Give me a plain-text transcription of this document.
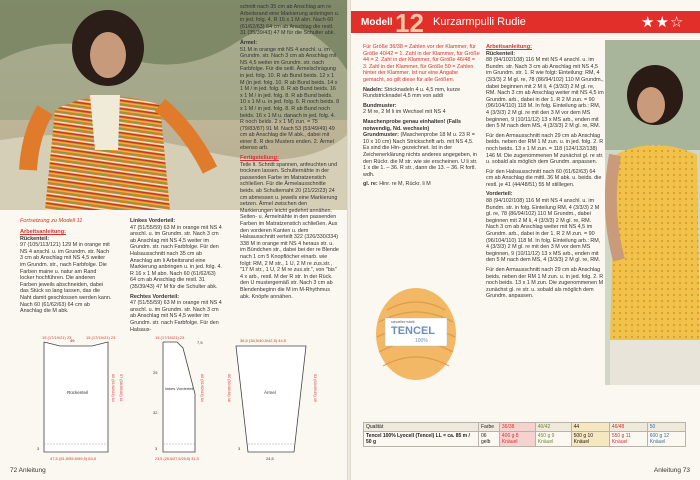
Fortsetzung zu Modell 11
Arbeitsanleitung:
Rückenteil:

97 (105/113/121) 129 M in orange mit NS 4 anschl. u. im Grundm. str. Nach 3 cm ab Anschlag mit NS 4,5 weiter im Grundm. str., nach Farbfolge. Die Farben maine u. natur am Rand locker hochführen. Die anderen Farben jeweils abschneiden, dabei das Stück so lang lassen, das die Naht damit geschlossen werden kann. Nach 60 (61/62/63) 64 cm ab Anschlag die M abk.

Linkes Vorderteil:

47 (51/55/59) 63 M in orange mit NS 4 anschl. u. im Grundm. str. Nach 3 cm ab Anschlag mit NS 4,5 weiter im Grundm. str. nach Farbfolge. Für den Halsausschnitt nach 35 cm ab Anschlag am li Arbeitsrand eine Markierung anbringen u. in jed. folg. 4. R 16 x 1 M abn. Nach 60 (61/62/63) 64 cm ab Anschlag die restl. 31 (35/39/43) 47 M für die Schulter abk.

Rechtes Vorderteil:

47 (51/55/59) 63 M in orange mit NS 4 anschl. u. im Grundm. str. Nach 3 cm ab Anschlag mit NS 4,5 weiter im Grundm. str. nach Farbfolge. Für den Halsaus-

schnitt nach 35 cm ab Anschlag am re Arbeitsrand eine Markierung anbringen u. in jed. folg. 4. R 16 x 1 M abn. Nach 60 (61/62/63) 64 cm ab Anschlag die restl. 31 (35/39/43) 47 M für die Schulter abk.

Ärmel:

51 M in orange mit NS 4 anschl. u. im Grundm. str. Nach 3 cm ab Anschlag mit NS 4,5 weiter im Grundm. str. nach Farbfolge. Für die seitl. Ärmelschrägung in jed. folg. 10. R ab Bund beids. 12 x 1 M (in jed. folg. 10. R ab Bund beids. 14 x 1 M / in jed. folg. 8. R ab Bund beids. 16 x 1 M / in jed. folg. 8. R ab Bund beids. 10 x 1 M u. in jed. folg. 6. R noch beids. 8 x 1 M / in jed. folg. 8. R ab Bund noch beids. 16 x 1 M u. danach in jed. folg. 4. R noch beids. 2 x 1 M) zun. = 75 (79/83/87) 91 M. Nach 53 (53/49/49) 49 cm ab Anschlag die M abk., dabei mit einer 8. R des Musters enden. 2. Ärmel ebenso arb.

Fertigstellung:

Teile lt. Schnitt spannen, anfeuchten und trocknen lassen. Schulternähte in der passenden Farbe im Matratzenstich schließen. Für die Ärmelausschnitte beids. ab Schulternaht 20 (21/22/23) 24 cm abmessen u. jeweils eine Markierung setzen. Ärmel zwischen den Markierungen leicht gedehnt annähen. Seiten- u. Ärmelnähte in den passenden Farben im Matratzenstich schließen. Aus den vorderen Kanten u. dem Halsausschnitt verteilt 322 (326/330/334) 338 M in orange mit NS 4 heraus str. u. im Bündchen str., dabei bei der re Blende nach 1 cm 5 Knopflöcher einarb. wie folgt: RM, 2 M str., 1 U, 2 M re zus.str., "17 M str., 1 U, 2 M re zus.str.", von "bis" 4 x arb., restl. M der R str. In der Rück. den U mustergemäß str. Nach 3 cm ab Blendenbeginn die M im M-Rhythmus abk. Knöpfe annähen.

15 (17/19/21) 23
49
15 (17/19/21) 23
Rückenteil
47,5 (51,5/55,5/59,5) 63,5
3
60 (61/62/63) 64 57 (58/59/60) 61
15 (17/19/21) 23
7,5
linkes Vorderteil
23,5 (25,5/27,5/29,5) 31,5
25
32
3
60 (61/62/63) 64
36,5 (38,5/40,5/42,5) 44,5
Ärmel
24,5
50 (50/46/46) 46
3
53 (53/49/49) 49
72 Anleitung
Modell 12 Kurzarmpulli Rudie	★★☆

Für Größe 36/38 = Zahlen vor der Klammer, für Größe 40/42 = 1. Zahl in der Klammer, für Größe 44 = 2. Zahl in der Klammer, für Größe 46/48 = 3. Zahl in der Klammer, für Größe 50 = Zahlen hinter der Klammer. Ist nur eine Angabe gemacht, so gilt diese für alle Größen.

Nadeln: Stricknadeln 4 u. 4,5 mm, kurze Rundstricknadel 4,5 mm von addi

Bundmuster:

2 M re, 2 M li im Wechsel mit NS 4

Maschenprobe genau einhalten! (Falls notwendig, Nd. wechseln)

Grundmuster: (Maschenprobe 18 M u. 23 R = 10 x 10 cm) Nach Strickschrift arb. mit NS 4,5. Es sind die Hin- gezeichnet. Ist in der Zeichenerklärung nichts anderes angegeben, in den Rückr. die M str. wie sie erscheinen. U li str. 1 x die 1. – 36. R str., dann die 13. – 36. R fortl. wdh.

gl. re: Hinr. re M, Rückr. li M

schoeller+stahl
TENCEL
100%
Arbeitsanleitung:
Rückenteil:

88 (94/102/108) 116 M mit NS 4 anschl. u. im Bundm. str. Nach 3 cm ab Anschlag mit NS 4,5 im Grundm. str. 1. R wie folgt: Einteilung: RM, 4 (3/3/3) 2 M gl. re, 78 (86/94/102) 110 M Grundm., dabei beginnen mit 2 M li, 4 (3/3/3) 2 M gl. re, RM. Nach 3 cm ab Anschlag weiter mit NS 4,5 im Grundm. arb., dabei in der 1. R 2 M zun. = 90 (96/104/110) 118 M. In folg. Einteilung arb.: RM, 4 (3/3/3) 2 M gl. re mit den 3 M vor dem MS beginnen, 9 (10/11/12) 13 x MS arb., enden mit den 5 M nach dem MS, 4 (3/3/3) 2 M gl. re, RM.

Für den Armausschnitt nach 29 cm ab Anschlag beids. neben der RM 1 M zun. u. in jed. folg. 2. R noch beids. 13 x 1 M zun. = 118 (124/132/138) 146 M. Die zugenommenen M zunächst gl. re str. u. sobald als möglich dem Grundm. anpassen.

Für den Halsausschnitt nach 60 (61/62/63) 64 cm ab Anschlag die mittl. 36 M abk. u. beids. die restl. je 41 (44/48/51) 55 M stilllegen.

Vorderteil:

88 (94/102/108) 116 M mit NS 4 anschl. u. im Bundm. str. in folg. Einteilung RM, 4 (3/3/3) 2 M gl. re, 78 (86/94/102) 110 M Grundm., dabei beginnen mit 2 M li, 4 (3/3/3) 2 M gl. re, RM. Nach 3 cm ab Anschlag weiter mit NS 4,5 im Grundm. arb., dabei in der 1. R 2 M zun. = 90 (96/104/110) 118 M. In folg. Einteilung arb.: RM, 4 (3/3/3) 2 M gl. re mit den 3 M vor dem MS beginnen, 9 (10/11/12) 13 x MS arb., enden mit den 5 M nach dem MS, 4 (3/3/3) 2 M gl. re, RM.

Für den Armausschnitt nach 29 cm ab Anschlag beids. neben der RM 1 M zun. u. in jed. folg. 2. R noch beids. 13 x 1 M zun. Die zugenommenen M zunächst gl. re str. u. sobald als möglich dem Grundm. anpassen.

Qualität	Farbe	36/38	40/42	44	46/48	50
Tencel 100% Lyocell (Tencel) LL = ca. 85 m / 50 g	06 gelb	400 g 8 Knäuel	450 g 9 Knäuel	500 g 10 Knäuel	550 g 11 Knäuel	600 g 12 Knäuel
Anleitung 73
